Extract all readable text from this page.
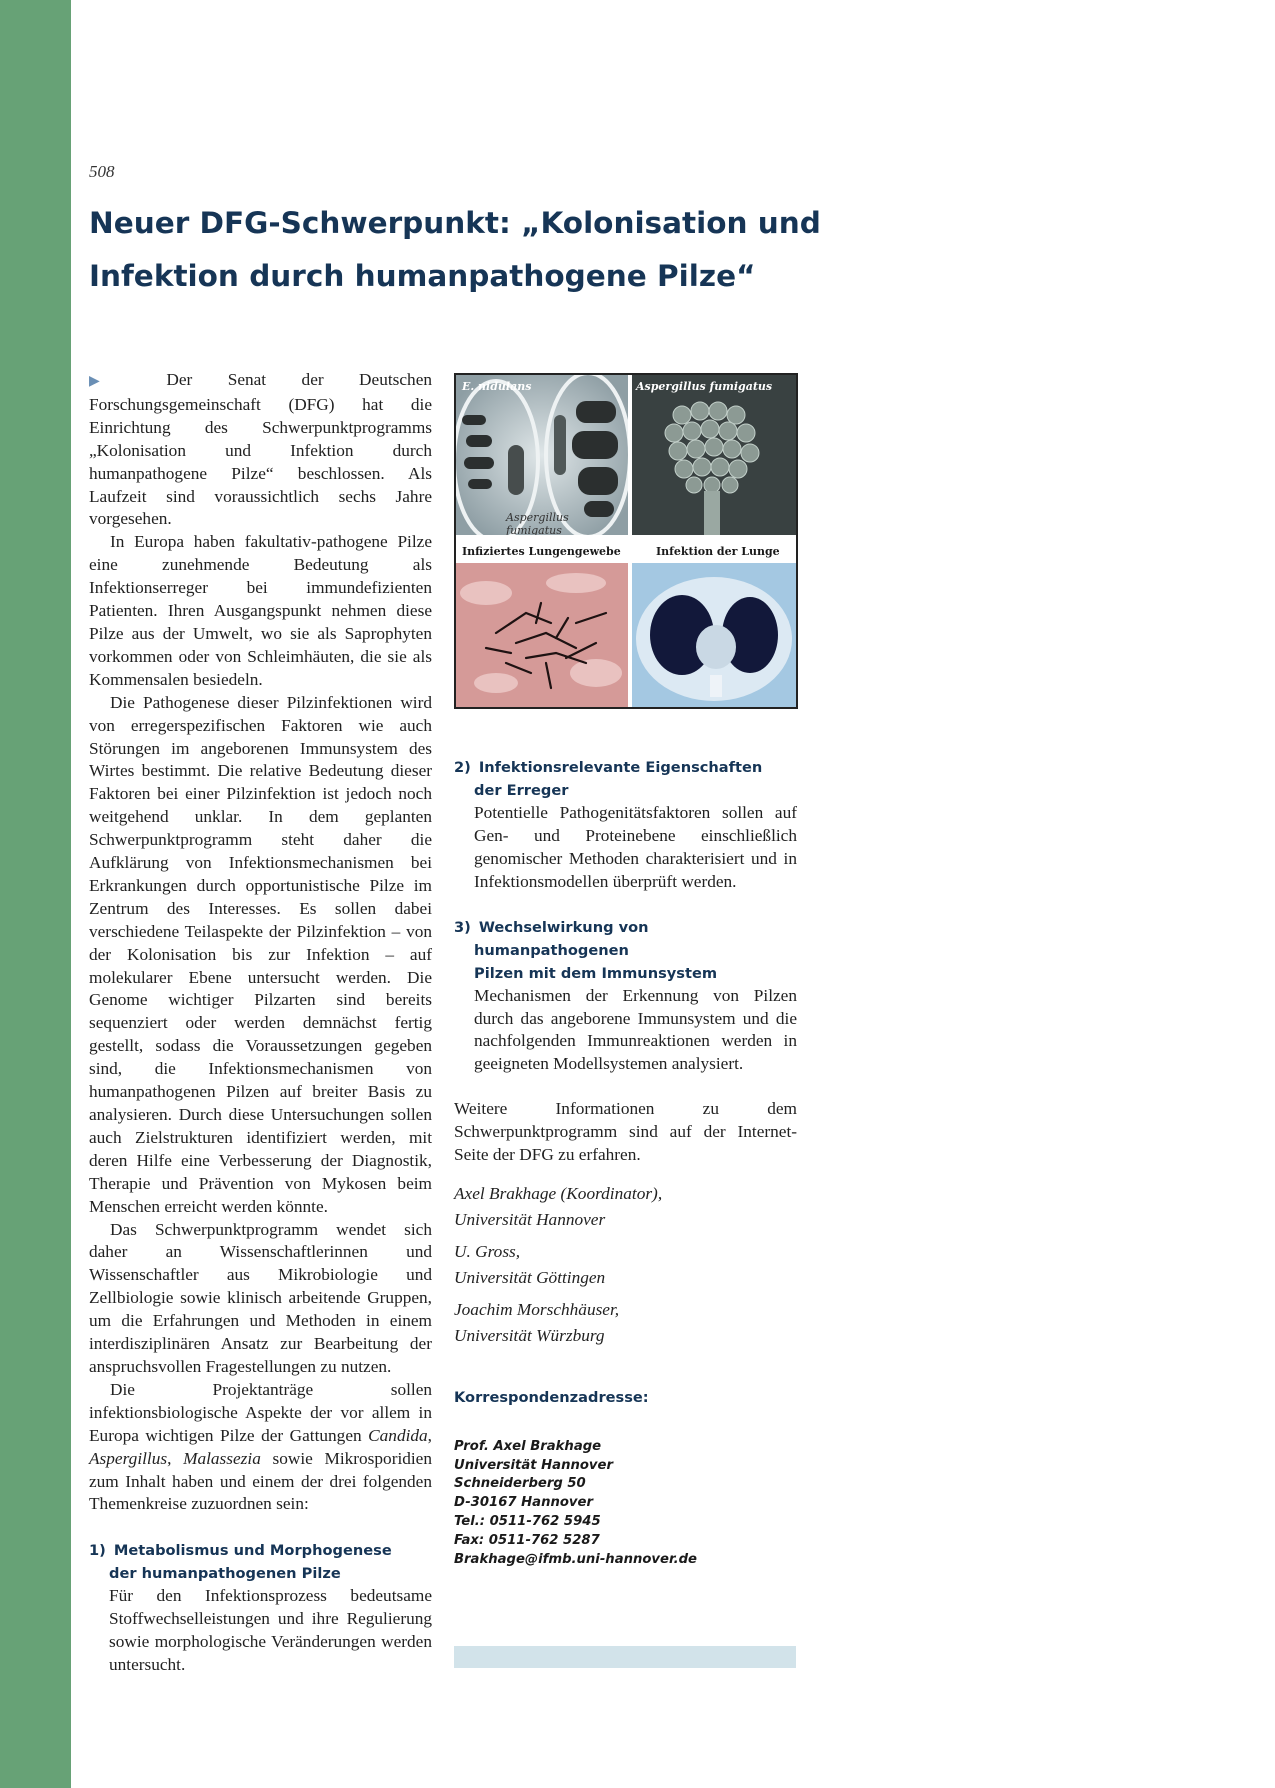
508
Neuer DFG-Schwerpunkt: „Kolonisation und
Infektion durch humanpathogene Pilze“

▶ Der Senat der Deutschen Forschungsgemeinschaft (DFG) hat die Einrichtung des Schwerpunktprogramms „Kolonisation und Infektion durch humanpathogene Pilze“ beschlossen. Als Laufzeit sind voraussichtlich sechs Jahre vorgesehen.

In Europa haben fakultativ-pathogene Pilze eine zunehmende Bedeutung als Infektionserreger bei immundefizienten Patienten. Ihren Ausgangspunkt nehmen diese Pilze aus der Umwelt, wo sie als Saprophyten vorkommen oder von Schleimhäuten, die sie als Kommensalen besiedeln.

Die Pathogenese dieser Pilzinfektionen wird von erregerspezifischen Faktoren wie auch Störungen im angeborenen Immunsystem des Wirtes bestimmt. Die relative Bedeutung dieser Faktoren bei einer Pilzinfektion ist jedoch noch weitgehend unklar. In dem geplanten Schwerpunktprogramm steht daher die Aufklärung von Infektionsmechanismen bei Erkrankungen durch opportunistische Pilze im Zentrum des Interesses. Es sollen dabei verschiedene Teilaspekte der Pilzinfektion – von der Kolonisation bis zur Infektion – auf molekularer Ebene untersucht werden. Die Genome wichtiger Pilzarten sind bereits sequenziert oder werden demnächst fertig gestellt, sodass die Voraussetzungen gegeben sind, die Infektionsmechanismen von humanpathogenen Pilzen auf breiter Basis zu analysieren. Durch diese Untersuchungen sollen auch Zielstrukturen identifiziert werden, mit deren Hilfe eine Verbesserung der Diagnostik, Therapie und Prävention von Mykosen beim Menschen erreicht werden könnte.

Das Schwerpunktprogramm wendet sich daher an Wissenschaftlerinnen und Wissenschaftler aus Mikrobiologie und Zellbiologie sowie klinisch arbeitende Gruppen, um die Erfahrungen und Methoden in einem interdisziplinären Ansatz zur Bearbeitung der anspruchsvollen Fragestellungen zu nutzen.

Die Projektanträge sollen infektionsbiologische Aspekte der vor allem in Europa wichtigen Pilze der Gattungen Candida, Aspergillus, Malassezia sowie Mikrosporidien zum Inhalt haben und einem der drei folgenden Themenkreise zuzuordnen sein:

1)  Metabolismus und Morphogenese
der humanpathogenen Pilze

Für den Infektionsprozess bedeutsame Stoffwechselleistungen und ihre Regulierung sowie morphologische Veränderungen werden untersucht.

E. nidulans
Aspergillus fumigatus
Aspergillus fumigatus
Infiziertes Lungengewebe	Infektion der Lunge
2)  Infektionsrelevante Eigenschaften
der Erreger

Potentielle Pathogenitätsfaktoren sollen auf Gen- und Proteinebene einschließlich genomischer Methoden charakterisiert und in Infektionsmodellen überprüft werden.

3)  Wechselwirkung von humanpathogenen
Pilzen mit dem Immunsystem

Mechanismen der Erkennung von Pilzen durch das angeborene Immunsystem und die nachfolgenden Immunreaktionen werden in geeigneten Modellsystemen analysiert.

Weitere Informationen zu dem Schwerpunktprogramm sind auf der Internet-Seite der DFG zu erfahren.

Axel Brakhage (Koordinator),
Universität Hannover
U. Gross,
Universität Göttingen
Joachim Morschhäuser,
Universität Würzburg
Korrespondenzadresse:
Prof. Axel Brakhage
Universität Hannover
Schneiderberg 50
D-30167 Hannover
Tel.: 0511-762 5945
Fax: 0511-762 5287
Brakhage@ifmb.uni-hannover.de
